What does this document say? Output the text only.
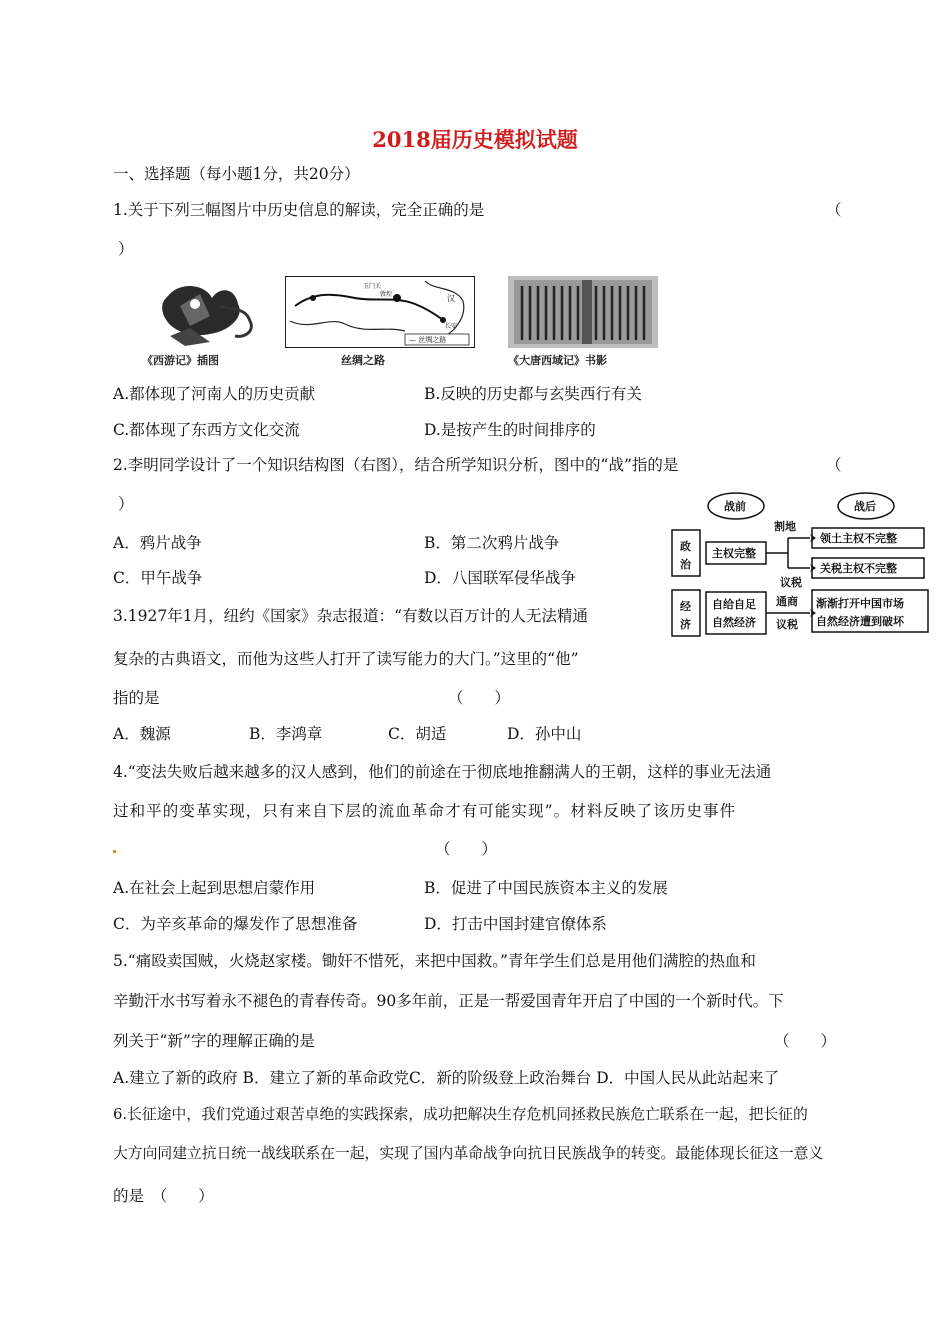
2018届历史模拟试题
一、选择题（每小题1分，共20分）
1.关于下列三幅图片中历史信息的解读，完全正确的是	（
）
《西游记》插图
— 丝绸之路
玉门关
敦煌	汉
长安
丝绸之路	《大唐西域记》书影
A.都体现了河南人的历史贡献	B.反映的历史都与玄奘西行有关
C.都体现了东西方文化交流	D.是按产生的时间排序的
2.李明同学设计了一个知识结构图（右图），结合所学知识分析，图中的“战”指的是	（
）
A．鸦片战争	B．第二次鸦片战争
C．甲午战争	D．八国联军侵华战争
战前	战后
政
治
经
济
主权完整
自给自足
自然经济
割地
议税
通商
议税
领土主权不完整
关税主权不完整
渐渐打开中国市场
自然经济遭到破坏
3.1927年1月，纽约《国家》杂志报道：“有数以百万计的人无法精通
复杂的古典语文，而他为这些人打开了读写能力的大门。”这里的“他”
指的是	（　　）
A．魏源	B．李鸿章	C．胡适	D．孙中山
4.“变法失败后越来越多的汉人感到，他们的前途在于彻底地推翻满人的王朝，这样的事业无法通
过和平的变革实现，只有来自下层的流血革命才有可能实现”。材料反映了该历史事件
（　　）
A.在社会上起到思想启蒙作用	B．促进了中国民族资本主义的发展
C．为辛亥革命的爆发作了思想准备	D．打击中国封建官僚体系
5.“痛殴卖国贼，火烧赵家楼。锄奸不惜死，来把中国救。”青年学生们总是用他们满腔的热血和
辛勤汗水书写着永不褪色的青春传奇。90多年前，正是一帮爱国青年开启了中国的一个新时代。下
列关于“新”字的理解正确的是	（　　）
A.建立了新的政府 B．建立了新的革命政党C．新的阶级登上政治舞台 D．中国人民从此站起来了
6.长征途中，我们党通过艰苦卓绝的实践探索，成功把解决生存危机同拯救民族危亡联系在一起，把长征的
大方向同建立抗日统一战线联系在一起，实现了国内革命战争向抗日民族战争的转变。最能体现长征这一意义
的是　（　　）
